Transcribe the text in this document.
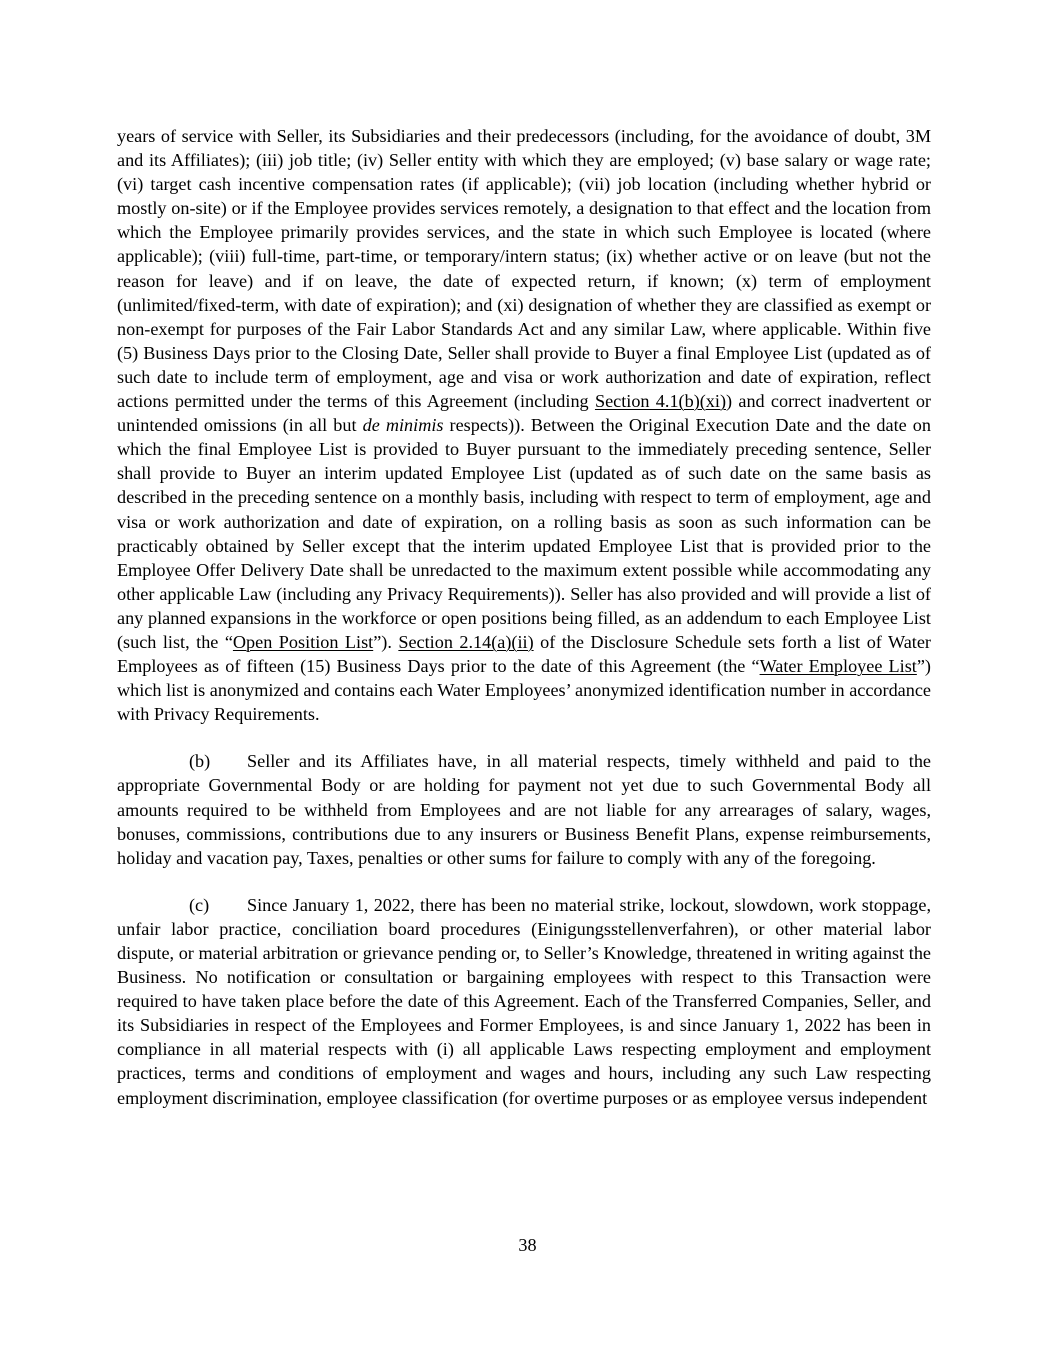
years of service with Seller, its Subsidiaries and their predecessors (including, for the avoidance of doubt, 3M and its Affiliates); (iii) job title; (iv) Seller entity with which they are employed; (v) base salary or wage rate; (vi) target cash incentive compensation rates (if applicable); (vii) job location (including whether hybrid or mostly on-site) or if the Employee provides services remotely, a designation to that effect and the location from which the Employee primarily provides services, and the state in which such Employee is located (where applicable); (viii) full-time, part-time, or temporary/intern status; (ix) whether active or on leave (but not the reason for leave) and if on leave, the date of expected return, if known; (x) term of employment (unlimited/fixed-term, with date of expiration); and (xi) designation of whether they are classified as exempt or non-exempt for purposes of the Fair Labor Standards Act and any similar Law, where applicable. Within five (5) Business Days prior to the Closing Date, Seller shall provide to Buyer a final Employee List (updated as of such date to include term of employment, age and visa or work authorization and date of expiration, reflect actions permitted under the terms of this Agreement (including Section 4.1(b)(xi)) and correct inadvertent or unintended omissions (in all but de minimis respects)). Between the Original Execution Date and the date on which the final Employee List is provided to Buyer pursuant to the immediately preceding sentence, Seller shall provide to Buyer an interim updated Employee List (updated as of such date on the same basis as described in the preceding sentence on a monthly basis, including with respect to term of employment, age and visa or work authorization and date of expiration, on a rolling basis as soon as such information can be practicably obtained by Seller except that the interim updated Employee List that is provided prior to the Employee Offer Delivery Date shall be unredacted to the maximum extent possible while accommodating any other applicable Law (including any Privacy Requirements)). Seller has also provided and will provide a list of any planned expansions in the workforce or open positions being filled, as an addendum to each Employee List (such list, the “Open Position List”). Section 2.14(a)(ii) of the Disclosure Schedule sets forth a list of Water Employees as of fifteen (15) Business Days prior to the date of this Agreement (the “Water Employee List”) which list is anonymized and contains each Water Employees’ anonymized identification number in accordance with Privacy Requirements.

(b) Seller and its Affiliates have, in all material respects, timely withheld and paid to the appropriate Governmental Body or are holding for payment not yet due to such Governmental Body all amounts required to be withheld from Employees and are not liable for any arrearages of salary, wages, bonuses, commissions, contributions due to any insurers or Business Benefit Plans, expense reimbursements, holiday and vacation pay, Taxes, penalties or other sums for failure to comply with any of the foregoing.

(c) Since January 1, 2022, there has been no material strike, lockout, slowdown, work stoppage, unfair labor practice, conciliation board procedures (Einigungsstellenverfahren), or other material labor dispute, or material arbitration or grievance pending or, to Seller’s Knowledge, threatened in writing against the Business. No notification or consultation or bargaining employees with respect to this Transaction were required to have taken place before the date of this Agreement. Each of the Transferred Companies, Seller, and its Subsidiaries in respect of the Employees and Former Employees, is and since January 1, 2022 has been in compliance in all material respects with (i) all applicable Laws respecting employment and employment practices, terms and conditions of employment and wages and hours, including any such Law respecting employment discrimination, employee classification (for overtime purposes or as employee versus independent

38
